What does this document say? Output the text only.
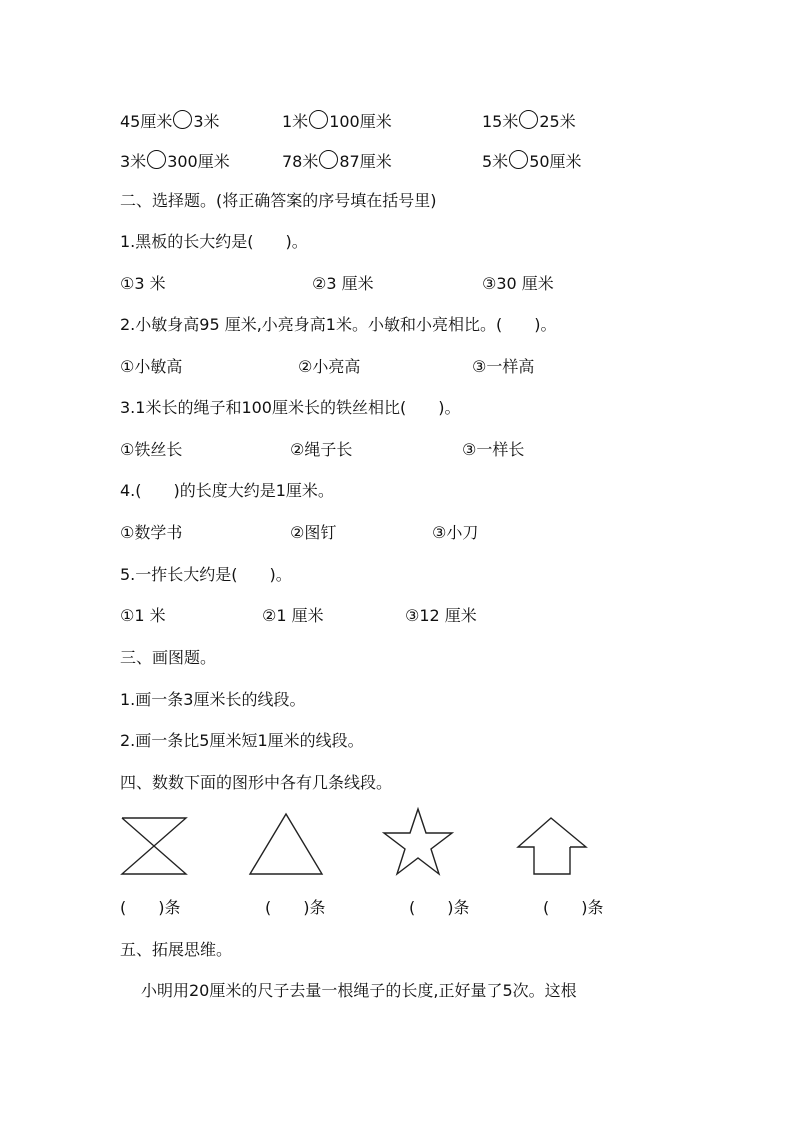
45厘米 3米	1米 100厘米	15米 25米
3米 300厘米	78米 87厘米	5米 50厘米
二、选择题。(将正确答案的序号填在括号里)
1.黑板的长大约是(　　)。
①3 米	②3 厘米	③30 厘米
2.小敏身高95 厘米,小亮身高1米。小敏和小亮相比。(　　)。
①小敏高	②小亮高	③一样高
3.1米长的绳子和100厘米长的铁丝相比(　　)。
①铁丝长	②绳子长	③一样长
4.(　　)的长度大约是1厘米。
①数学书	②图钉	③小刀
5.一拃长大约是(　　)。
①1 米	②1 厘米	③12 厘米
三、画图题。
1.画一条3厘米长的线段。
2.画一条比5厘米短1厘米的线段。
四、数数下面的图形中各有几条线段。
(　　)条	(　　)条	(　　)条	(　　)条
五、拓展思维。
小明用20厘米的尺子去量一根绳子的长度,正好量了5次。这根
